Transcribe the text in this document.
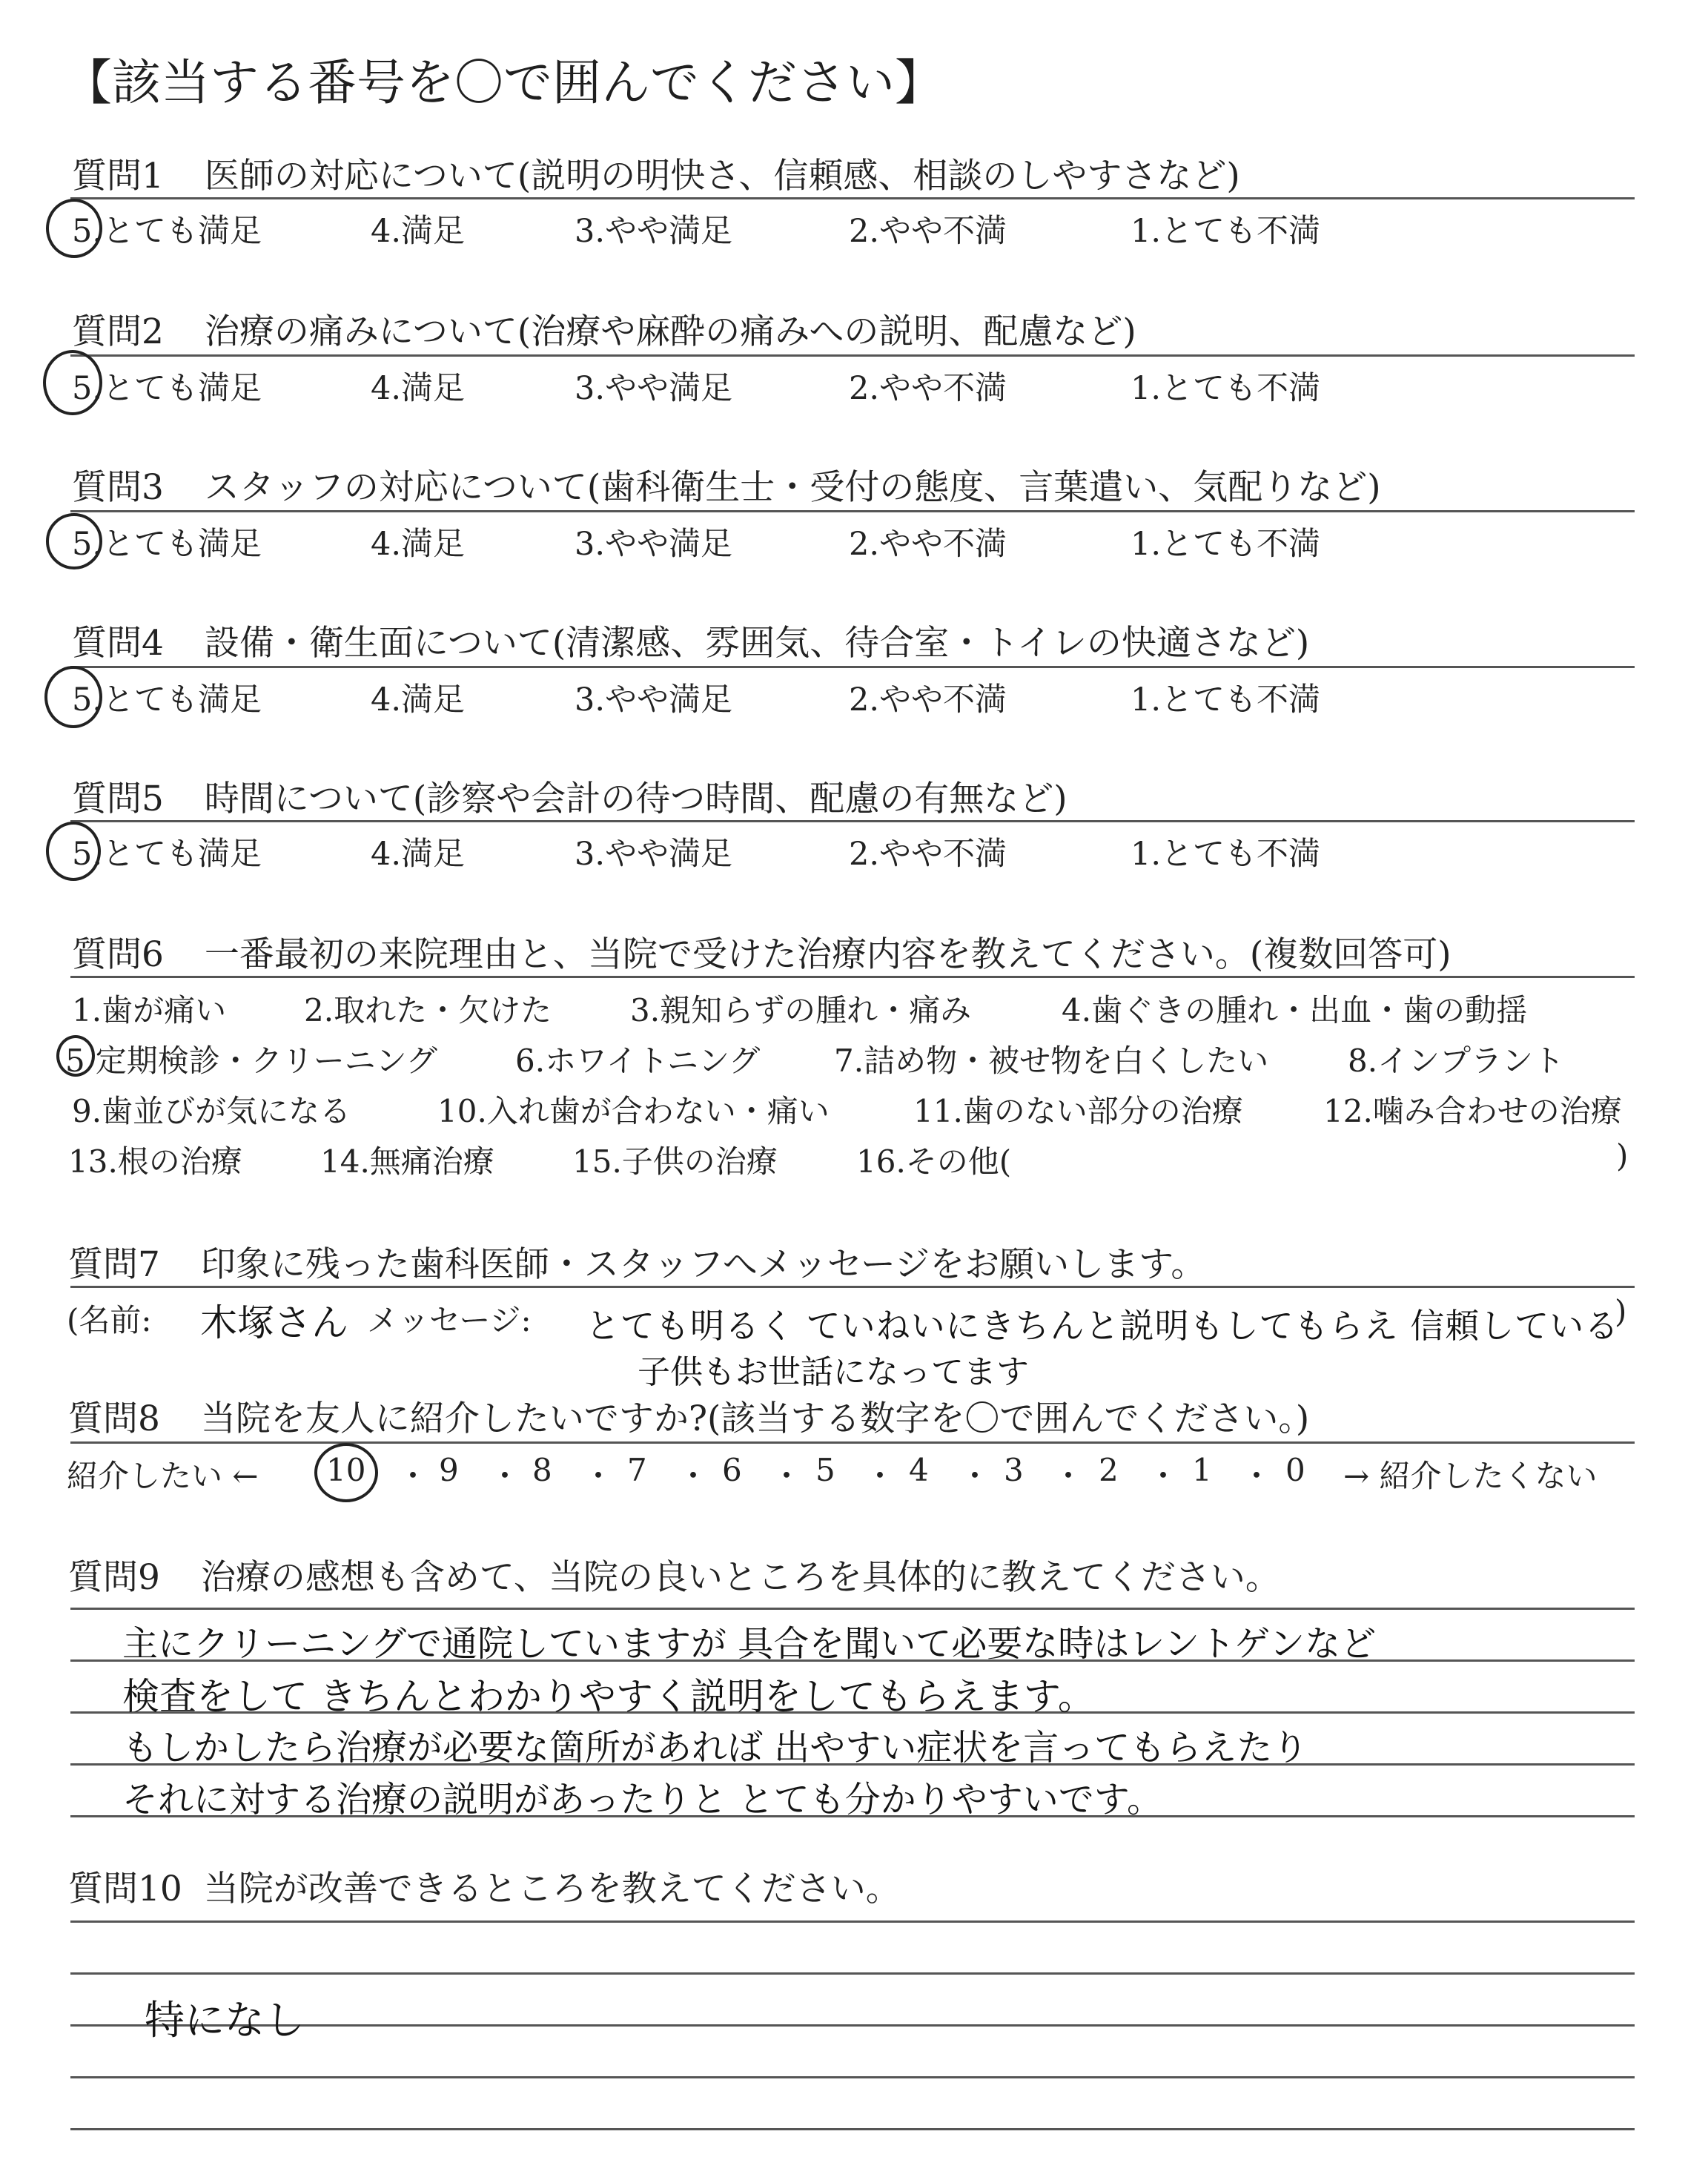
【該当する番号を〇で囲んでください】
質問1 医師の対応について(説明の明快さ、信頼感、相談のしやすさなど)
5.とても満足	4.満足	3.やや満足	2.やや不満	1.とても不満
質問2 治療の痛みについて(治療や麻酔の痛みへの説明、配慮など)
5.とても満足	4.満足	3.やや満足	2.やや不満	1.とても不満
質問3 スタッフの対応について(歯科衛生士・受付の態度、言葉遣い、気配りなど)
5.とても満足	4.満足	3.やや満足	2.やや不満	1.とても不満
質問4 設備・衛生面について(清潔感、雰囲気、待合室・トイレの快適さなど)
5.とても満足	4.満足	3.やや満足	2.やや不満	1.とても不満
質問5 時間について(診察や会計の待つ時間、配慮の有無など)
5.とても満足	4.満足	3.やや満足	2.やや不満	1.とても不満
質問6 一番最初の来院理由と、当院で受けた治療内容を教えてください。(複数回答可)
1.歯が痛い 2.取れた・欠けた	3.親知らずの腫れ・痛み	4.歯ぐきの腫れ・出血・歯の動揺
5 定期検診・クリーニング	6.ホワイトニング 7.詰め物・被せ物を白くしたい	8.インプラント
9.歯並びが気になる	10.入れ歯が合わない・痛い	11.歯のない部分の治療	12.噛み合わせの治療
13.根の治療	14.無痛治療	15.子供の治療	16.その他(	)
質問7 印象に残った歯科医師・スタッフへメッセージをお願いします。
(名前: 木塚さん メッセージ: とても明るく ていねいにきちんと説明もしてもらえ 信頼している
)
子供もお世話になってます
質問8 当院を友人に紹介したいですか?(該当する数字を〇で囲んでください。)
紹介したい ← 10 ・ 9 ・ 8 ・ 7 ・ 6 ・ 5 ・ 4 ・ 3 ・ 2 ・ 1 ・ 0 → 紹介したくない
質問9 治療の感想も含めて、当院の良いところを具体的に教えてください。
主にクリーニングで通院していますが 具合を聞いて必要な時はレントゲンなど
検査をして きちんとわかりやすく説明をしてもらえます。
もしかしたら治療が必要な箇所があれば 出やすい症状を言ってもらえたり
それに対する治療の説明があったりと とても分かりやすいです。
質問10 当院が改善できるところを教えてください。
特になし
